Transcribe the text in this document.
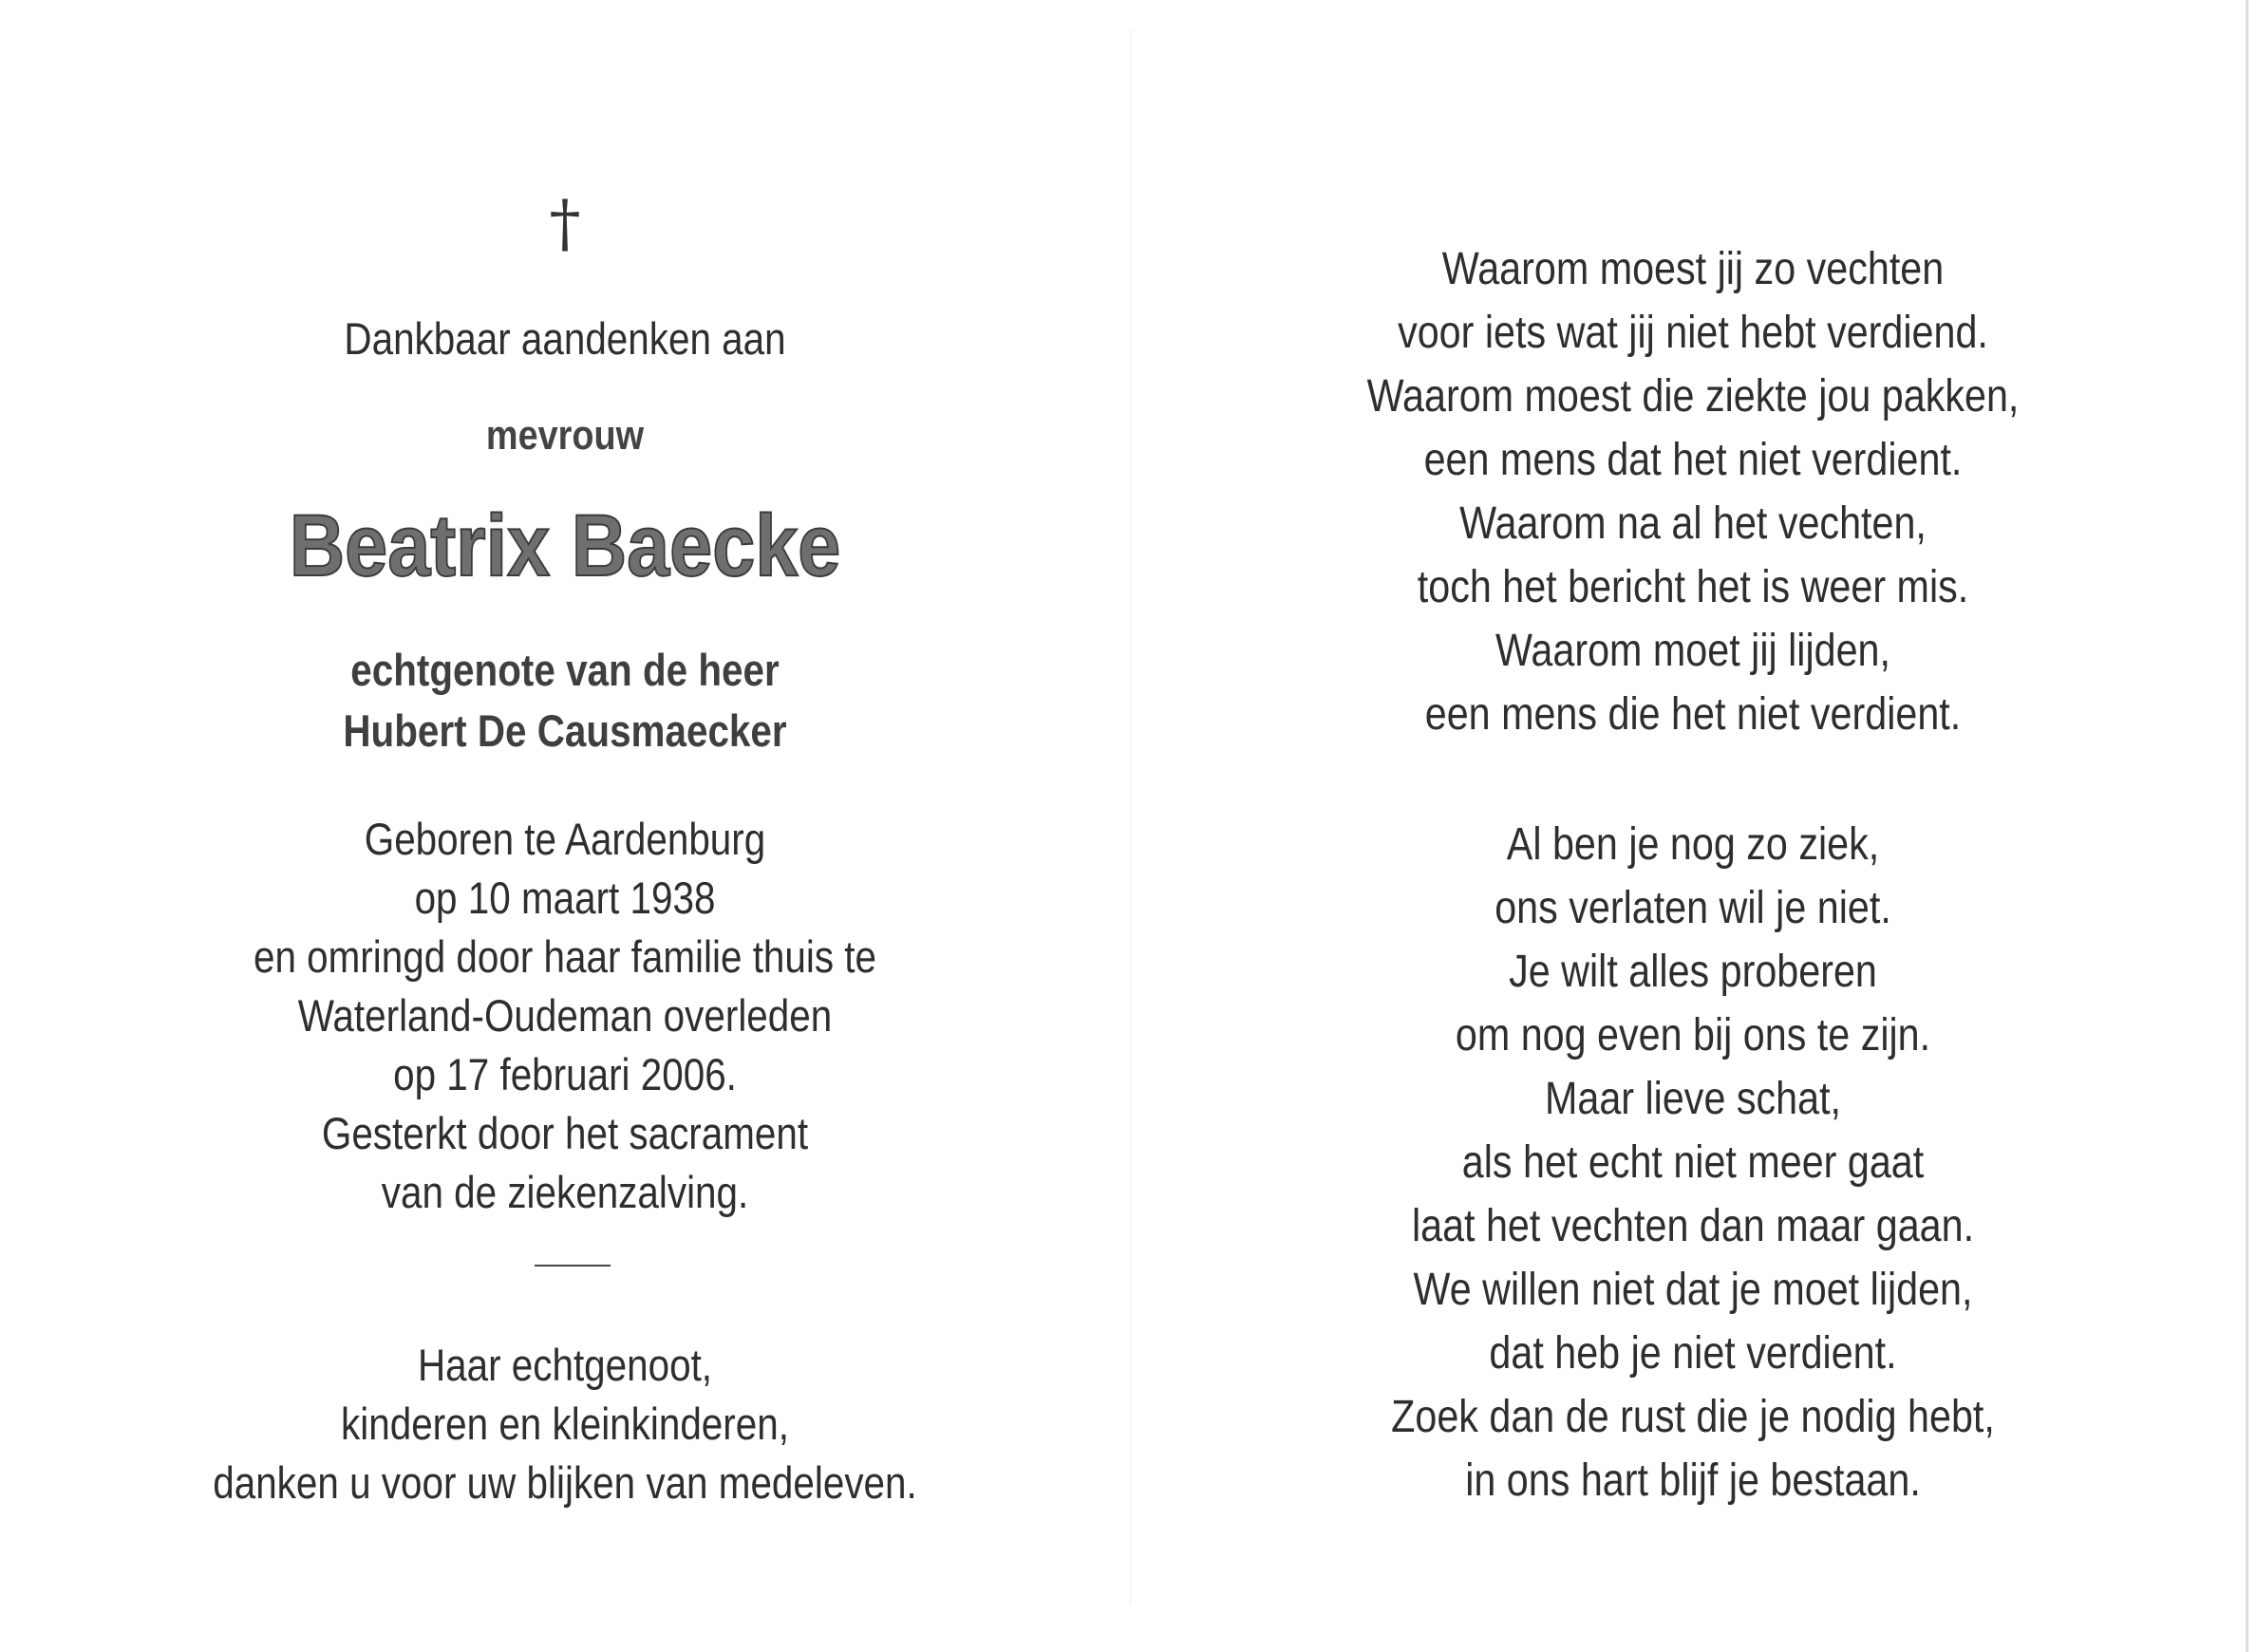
†
Dankbaar aandenken aan
mevrouw
Beatrix Baecke
echtgenote van de heer
Hubert De Causmaecker
Geboren te Aardenburg
op 10 maart 1938
en omringd door haar familie thuis te
Waterland-Oudeman overleden
op 17 februari 2006.
Gesterkt door het sacrament
van de ziekenzalving.
Haar echtgenoot,
kinderen en kleinkinderen,
danken u voor uw blijken van medeleven.
Waarom moest jij zo vechten
voor iets wat jij niet hebt verdiend.
Waarom moest die ziekte jou pakken,
een mens dat het niet verdient.
Waarom na al het vechten,
toch het bericht het is weer mis.
Waarom moet jij lijden,
een mens die het niet verdient.
Al ben je nog zo ziek,
ons verlaten wil je niet.
Je wilt alles proberen
om nog even bij ons te zijn.
Maar lieve schat,
als het echt niet meer gaat
laat het vechten dan maar gaan.
We willen niet dat je moet lijden,
dat heb je niet verdient.
Zoek dan de rust die je nodig hebt,
in ons hart blijf je bestaan.
